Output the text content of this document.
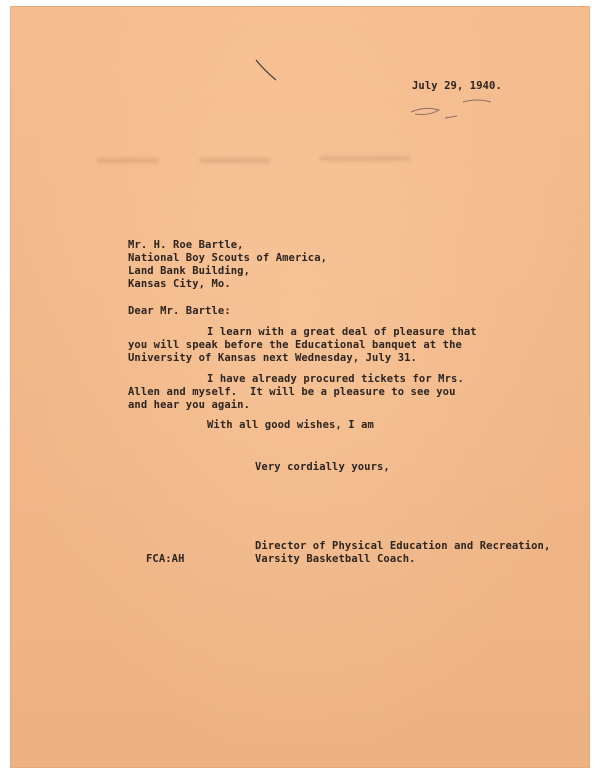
July 29, 1940.
Mr. H. Roe Bartle,
National Boy Scouts of America,
Land Bank Building,
Kansas City, Mo.
Dear Mr. Bartle:
I learn with a great deal of pleasure that
you will speak before the Educational banquet at the
University of Kansas next Wednesday, July 31.
I have already procured tickets for Mrs.
Allen and myself.  It will be a pleasure to see you
and hear you again.
With all good wishes, I am
Very cordially yours,
Director of Physical Education and Recreation,
Varsity Basketball Coach.
FCA:AH
